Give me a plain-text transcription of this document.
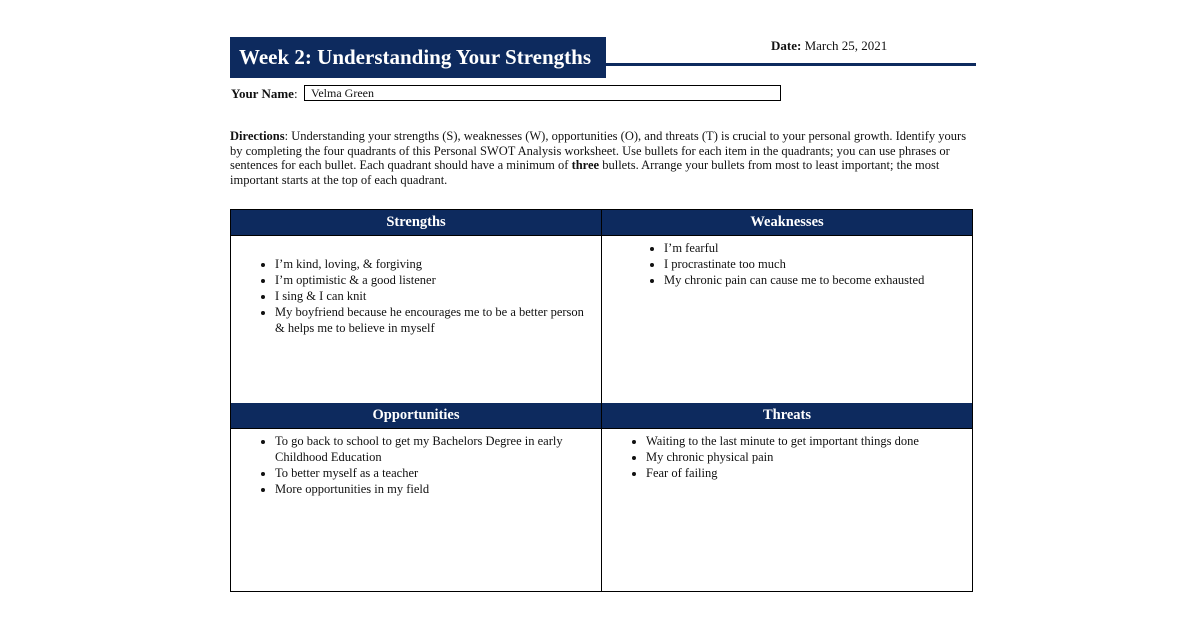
Week 2: Understanding Your Strengths	Date: March 25, 2021
Your Name:	Velma Green
Directions: Understanding your strengths (S), weaknesses (W), opportunities (O), and threats (T) is crucial to your personal growth. Identify yours by completing the four quadrants of this Personal SWOT Analysis worksheet. Use bullets for each item in the quadrants; you can use phrases or sentences for each bullet. Each quadrant should have a minimum of three bullets. Arrange your bullets from most to least important; the most important starts at the top of each quadrant.
Strengths
• I’m kind, loving, & forgiving
• I’m optimistic & a good listener
• I sing & I can knit
• My boyfriend because he encourages me to be a better person & helps me to believe in myself
Weaknesses
• I’m fearful
• I procrastinate too much
• My chronic pain can cause me to become exhausted
Opportunities
• To go back to school to get my Bachelors Degree in early Childhood Education
• To better myself as a teacher
• More opportunities in my field
Threats
• Waiting to the last minute to get important things done
• My chronic physical pain
• Fear of failing
